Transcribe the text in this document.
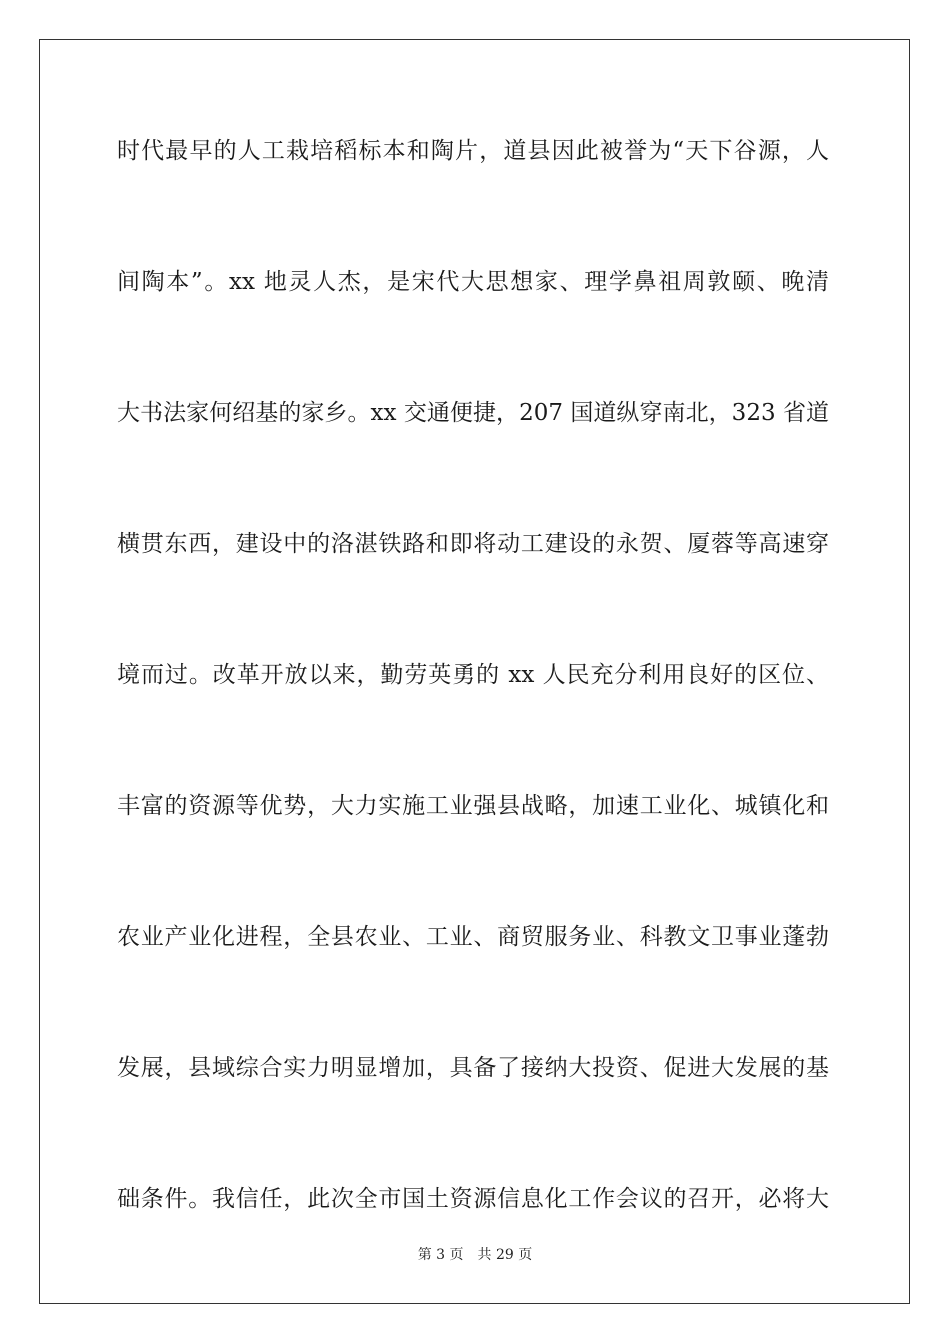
时代最早的人工栽培稻标本和陶片，道县因此被誉为“天下谷源，人
间陶本”。xx 地灵人杰，是宋代大思想家、理学鼻祖周敦颐、晚清
大书法家何绍基的家乡。xx 交通便捷，207 国道纵穿南北，323 省道
横贯东西，建设中的洛湛铁路和即将动工建设的永贺、厦蓉等高速穿
境而过。改革开放以来，勤劳英勇的 xx 人民充分利用良好的区位、
丰富的资源等优势，大力实施工业强县战略，加速工业化、城镇化和
农业产业化进程，全县农业、工业、商贸服务业、科教文卫事业蓬勃
发展，县域综合实力明显增加，具备了接纳大投资、促进大发展的基
础条件。我信任，此次全市国土资源信息化工作会议的召开，必将大
第 3 页 共 29 页
